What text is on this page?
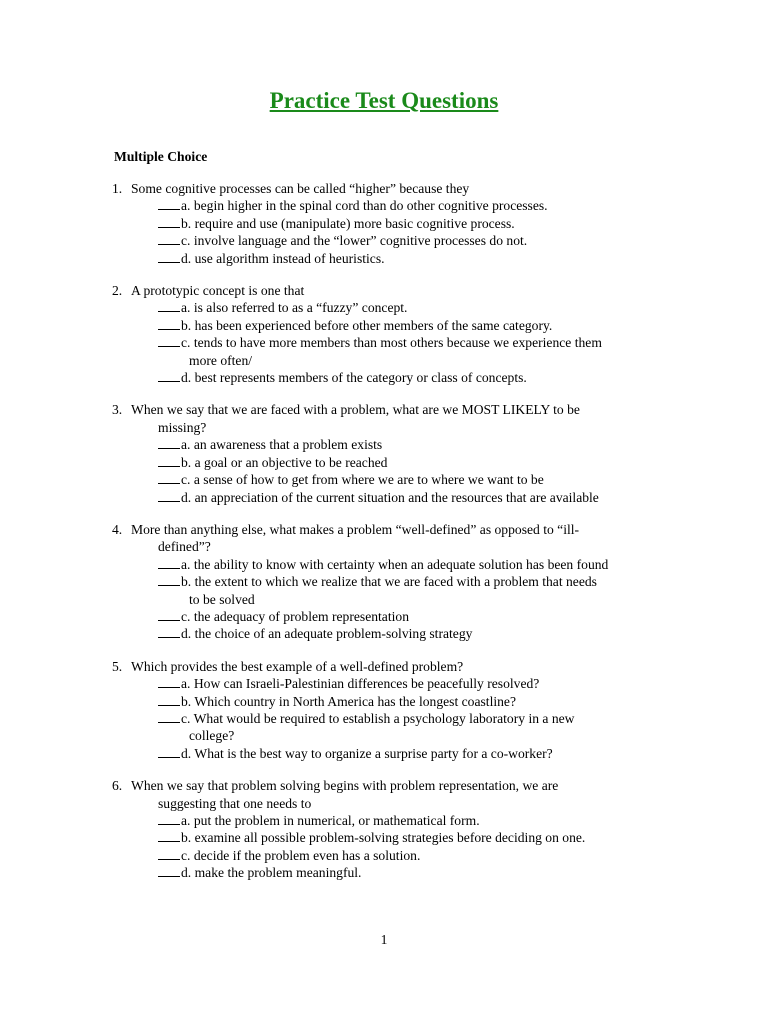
Practice Test Questions
Multiple Choice
1. Some cognitive processes can be called “higher” because they
a. begin higher in the spinal cord than do other cognitive processes.
b. require and use (manipulate) more basic cognitive process.
c. involve language and the “lower” cognitive processes do not.
d. use algorithm instead of heuristics.
2. A prototypic concept is one that
a. is also referred to as a “fuzzy” concept.
b. has been experienced before other members of the same category.
c. tends to have more members than most others because we experience them
more often/
d. best represents members of the category or class of concepts.
3. When we say that we are faced with a problem, what are we MOST LIKELY to be
missing?
a. an awareness that a problem exists
b. a goal or an objective to be reached
c. a sense of how to get from where we are to where we want to be
d. an appreciation of the current situation and the resources that are available
4. More than anything else, what makes a problem “well-defined” as opposed to “ill-
defined”?
a. the ability to know with certainty when an adequate solution has been found
b. the extent to which we realize that we are faced with a problem that needs
to be solved
c. the adequacy of problem representation
d. the choice of an adequate problem-solving strategy
5. Which provides the best example of a well-defined problem?
a. How can Israeli-Palestinian differences be peacefully resolved?
b. Which country in North America has the longest coastline?
c. What would be required to establish a psychology laboratory in a new
college?
d. What is the best way to organize a surprise party for a co-worker?
6. When we say that problem solving begins with problem representation, we are
suggesting that one needs to
a. put the problem in numerical, or mathematical form.
b. examine all possible problem-solving strategies before deciding on one.
c. decide if the problem even has a solution.
d. make the problem meaningful.
1
